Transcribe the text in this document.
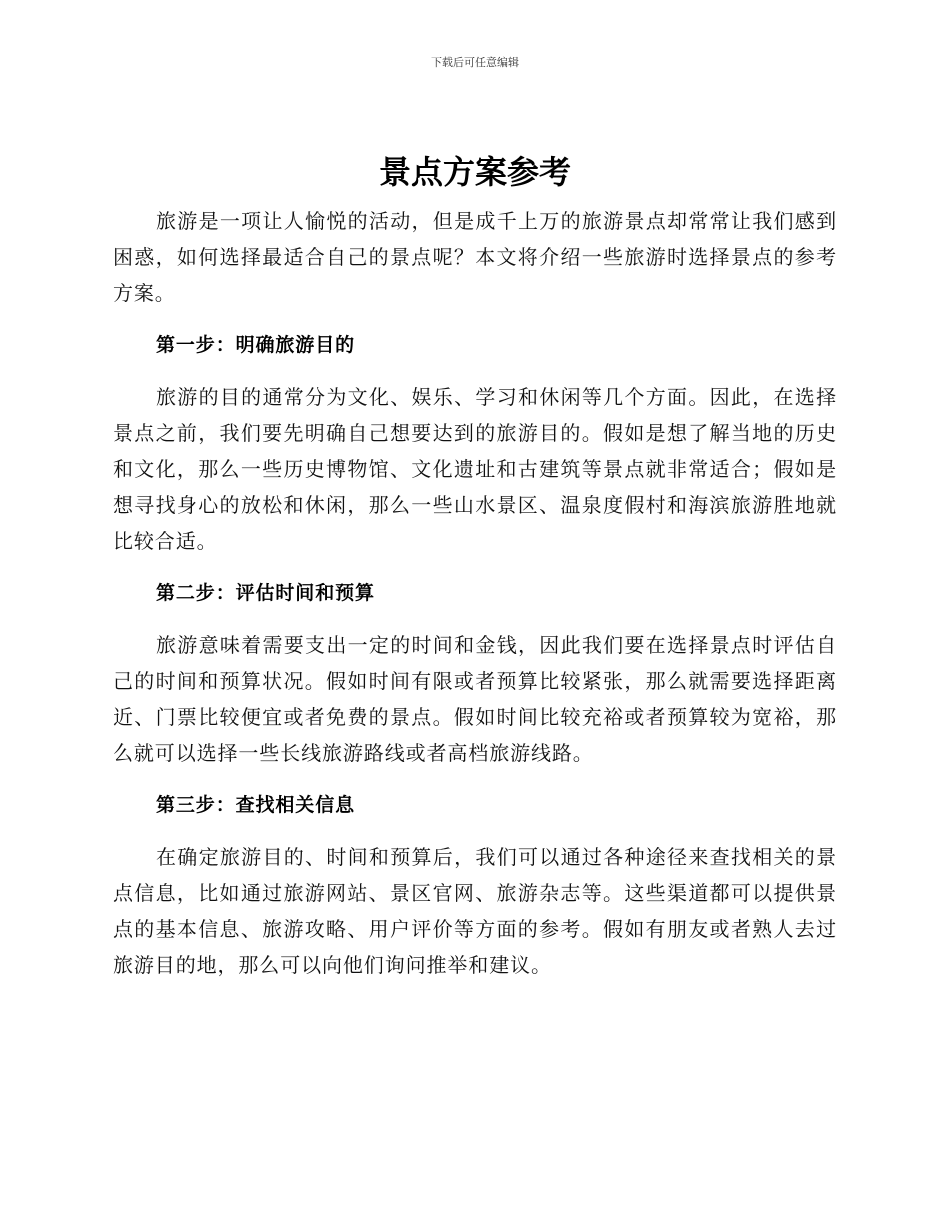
下载后可任意编辑
景点方案参考

旅游是一项让人愉悦的活动，但是成千上万的旅游景点却常常让我们感到困惑，如何选择最适合自己的景点呢？本文将介绍一些旅游时选择景点的参考方案。

第一步：明确旅游目的

旅游的目的通常分为文化、娱乐、学习和休闲等几个方面。因此，在选择景点之前，我们要先明确自己想要达到的旅游目的。假如是想了解当地的历史和文化，那么一些历史博物馆、文化遗址和古建筑等景点就非常适合；假如是想寻找身心的放松和休闲，那么一些山水景区、温泉度假村和海滨旅游胜地就比较合适。

第二步：评估时间和预算

旅游意味着需要支出一定的时间和金钱，因此我们要在选择景点时评估自己的时间和预算状况。假如时间有限或者预算比较紧张，那么就需要选择距离近、门票比较便宜或者免费的景点。假如时间比较充裕或者预算较为宽裕，那么就可以选择一些长线旅游路线或者高档旅游线路。

第三步：查找相关信息

在确定旅游目的、时间和预算后，我们可以通过各种途径来查找相关的景点信息，比如通过旅游网站、景区官网、旅游杂志等。这些渠道都可以提供景点的基本信息、旅游攻略、用户评价等方面的参考。假如有朋友或者熟人去过旅游目的地，那么可以向他们询问推举和建议。
